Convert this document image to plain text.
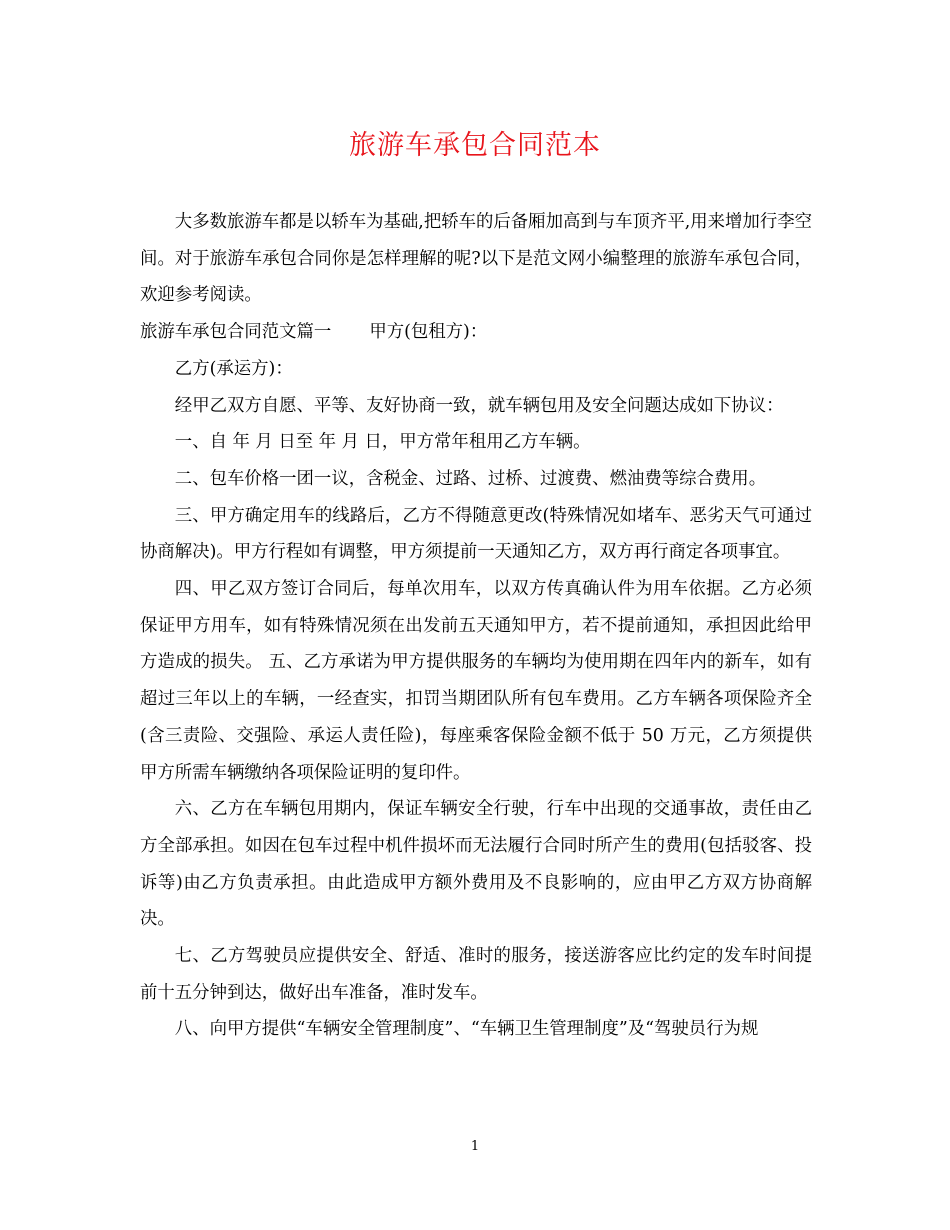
旅游车承包合同范本

大多数旅游车都是以轿车为基础,把轿车的后备厢加高到与车顶齐平,用来增加行李空间。对于旅游车承包合同你是怎样理解的呢?以下是范文网小编整理的旅游车承包合同，欢迎参考阅读。

旅游车承包合同范文篇一 甲方(包租方)：

乙方(承运方)：

经甲乙双方自愿、平等、友好协商一致，就车辆包用及安全问题达成如下协议：

一、自 年 月 日至 年 月 日，甲方常年租用乙方车辆。

二、包车价格一团一议，含税金、过路、过桥、过渡费、燃油费等综合费用。

三、甲方确定用车的线路后，乙方不得随意更改(特殊情况如堵车、恶劣天气可通过协商解决)。甲方行程如有调整，甲方须提前一天通知乙方，双方再行商定各项事宜。

四、甲乙双方签订合同后，每单次用车，以双方传真确认件为用车依据。乙方必须保证甲方用车，如有特殊情况须在出发前五天通知甲方，若不提前通知，承担因此给甲方造成的损失。 五、乙方承诺为甲方提供服务的车辆均为使用期在四年内的新车，如有超过三年以上的车辆，一经查实，扣罚当期团队所有包车费用。乙方车辆各项保险齐全(含三责险、交强险、承运人责任险)，每座乘客保险金额不低于 50 万元，乙方须提供甲方所需车辆缴纳各项保险证明的复印件。

六、乙方在车辆包用期内，保证车辆安全行驶，行车中出现的交通事故，责任由乙方全部承担。如因在包车过程中机件损坏而无法履行合同时所产生的费用(包括驳客、投诉等)由乙方负责承担。由此造成甲方额外费用及不良影响的，应由甲乙方双方协商解决。

七、乙方驾驶员应提供安全、舒适、准时的服务，接送游客应比约定的发车时间提前十五分钟到达，做好出车准备，准时发车。

八、向甲方提供“车辆安全管理制度”、“车辆卫生管理制度”及“驾驶员行为规

1
